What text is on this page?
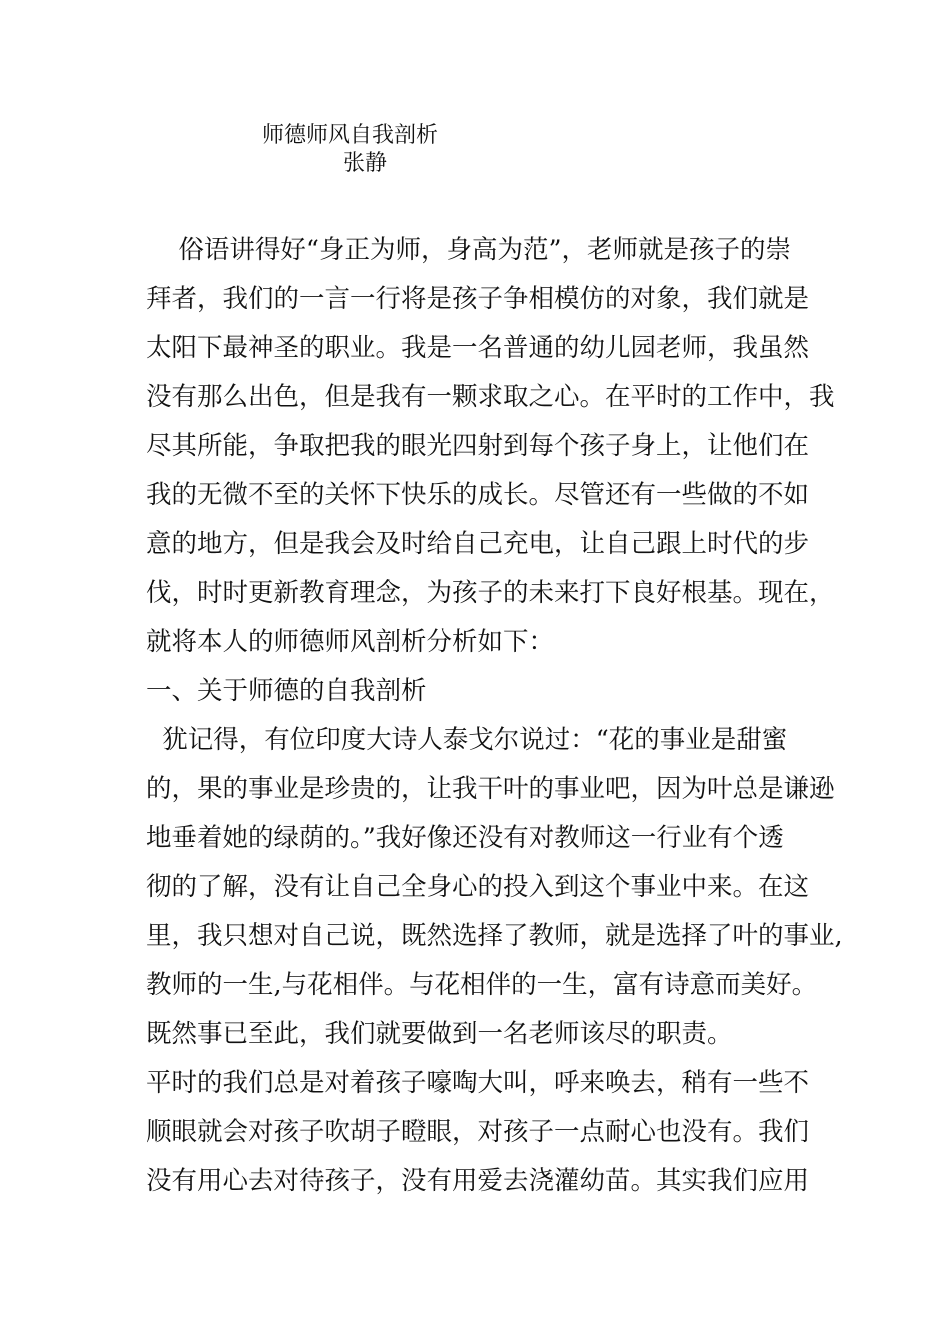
师德师风自我剖析
张静
俗语讲得好“身正为师，身高为范”，老师就是孩子的崇
拜者，我们的一言一行将是孩子争相模仿的对象，我们就是
太阳下最神圣的职业。我是一名普通的幼儿园老师，我虽然
没有那么出色，但是我有一颗求取之心。在平时的工作中，我
尽其所能，争取把我的眼光四射到每个孩子身上，让他们在
我的无微不至的关怀下快乐的成长。尽管还有一些做的不如
意的地方，但是我会及时给自己充电，让自己跟上时代的步
伐，时时更新教育理念，为孩子的未来打下良好根基。现在，
就将本人的师德师风剖析分析如下：
一、关于师德的自我剖析
犹记得，有位印度大诗人泰戈尔说过：“花的事业是甜蜜
的，果的事业是珍贵的，让我干叶的事业吧，因为叶总是谦逊
地垂着她的绿荫的。”我好像还没有对教师这一行业有个透
彻的了解，没有让自己全身心的投入到这个事业中来。在这
里，我只想对自己说，既然选择了教师，就是选择了叶的事业,
教师的一生,与花相伴。与花相伴的一生，富有诗意而美好。
既然事已至此，我们就要做到一名老师该尽的职责。
平时的我们总是对着孩子嚎啕大叫，呼来唤去，稍有一些不
顺眼就会对孩子吹胡子瞪眼，对孩子一点耐心也没有。我们
没有用心去对待孩子，没有用爱去浇灌幼苗。其实我们应用
